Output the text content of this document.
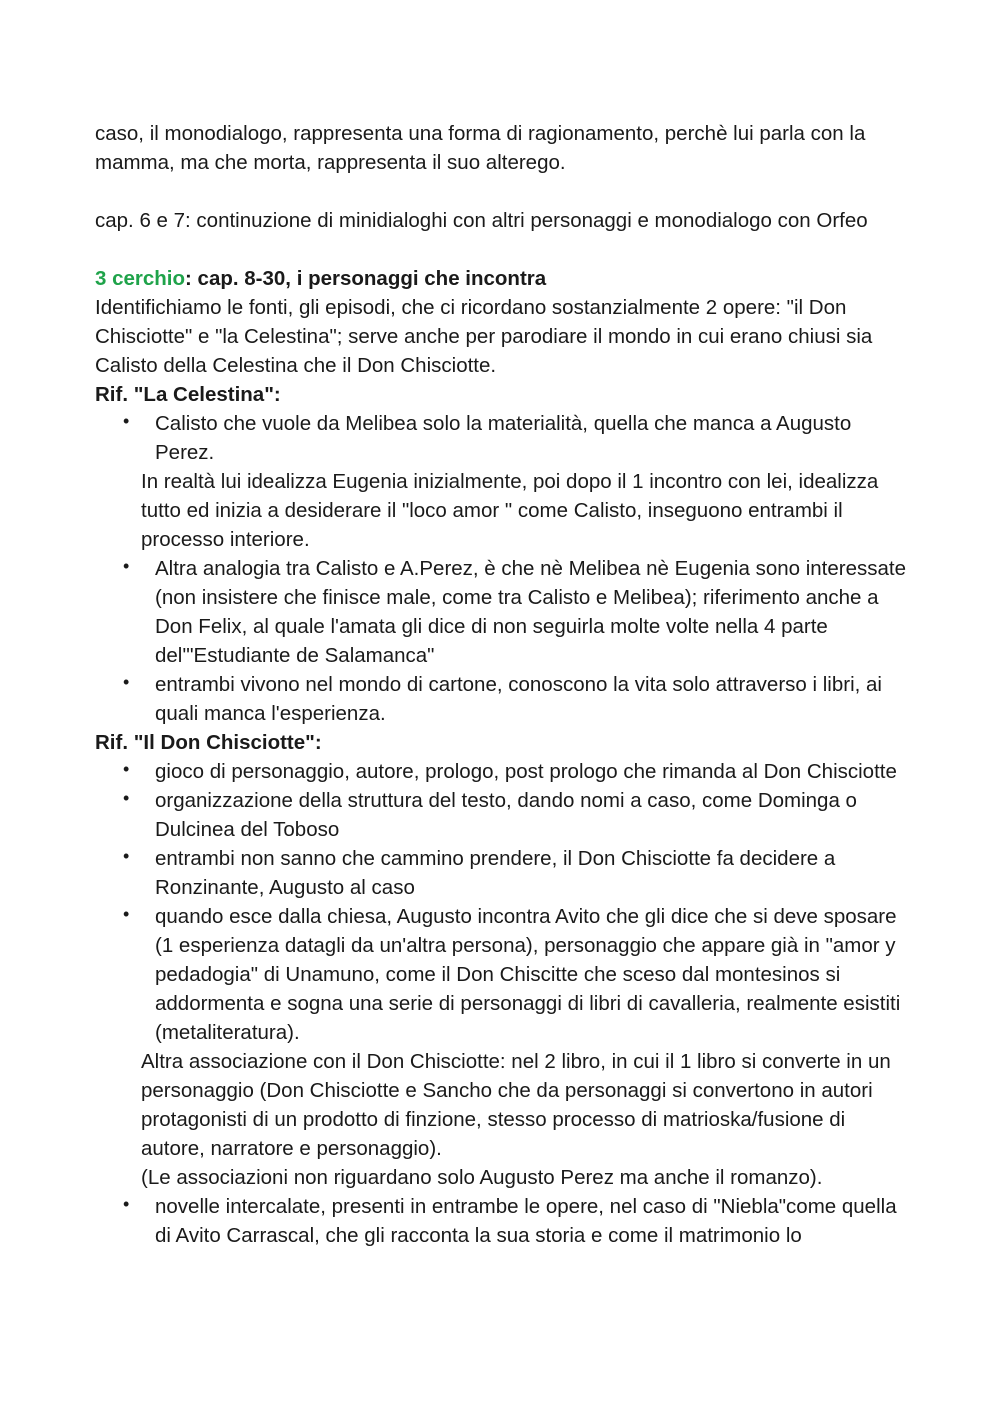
caso, il monodialogo, rappresenta una forma di ragionamento, perchè lui parla con la mamma, ma che morta, rappresenta il suo alterego.

cap. 6 e 7: continuzione di minidialoghi con altri personaggi e monodialogo con Orfeo

3 cerchio: cap. 8-30, i personaggi che incontra

Identifichiamo le fonti, gli episodi, che ci ricordano sostanzialmente 2 opere: "il Don Chisciotte" e "la Celestina"; serve anche per parodiare il mondo in cui erano chiusi sia Calisto della Celestina che il Don Chisciotte.

Rif. "La Celestina":

• Calisto che vuole da Melibea solo la materialità, quella che manca a Augusto Perez.

In realtà lui idealizza Eugenia inizialmente, poi dopo il 1 incontro con lei, idealizza tutto ed inizia a desiderare il "loco amor " come Calisto, inseguono entrambi il processo interiore.

• Altra analogia tra Calisto e A.Perez, è che nè Melibea nè Eugenia sono interessate (non insistere che finisce male, come tra Calisto e Melibea); riferimento anche a Don Felix, al quale l'amata gli dice di non seguirla molte volte nella 4 parte del'"Estudiante de Salamanca"
• entrambi vivono nel mondo di cartone, conoscono la vita solo attraverso i libri, ai quali manca l'esperienza.

Rif. "Il Don Chisciotte":

• gioco di personaggio, autore, prologo, post prologo che rimanda al Don Chisciotte
• organizzazione della struttura del testo, dando nomi a caso, come Dominga o Dulcinea del Toboso
• entrambi non sanno che cammino prendere, il Don Chisciotte fa decidere a Ronzinante, Augusto al caso
• quando esce dalla chiesa, Augusto incontra Avito che gli dice che si deve sposare (1 esperienza datagli da un'altra persona), personaggio che appare già in "amor y pedadogia" di Unamuno, come il Don Chiscitte che sceso dal montesinos si addormenta e sogna una serie di personaggi di libri di cavalleria, realmente esistiti (metaliteratura).

Altra associazione con il Don Chisciotte: nel 2 libro, in cui il 1 libro si converte in un personaggio (Don Chisciotte e Sancho che da personaggi si convertono in autori protagonisti di un prodotto di finzione, stesso processo di matrioska/fusione di autore, narratore e personaggio).

(Le associazioni non riguardano solo Augusto Perez ma anche il romanzo).

• novelle intercalate, presenti in entrambe le opere, nel caso di "Niebla"come quella di Avito Carrascal, che gli racconta la sua storia e come il matrimonio lo
